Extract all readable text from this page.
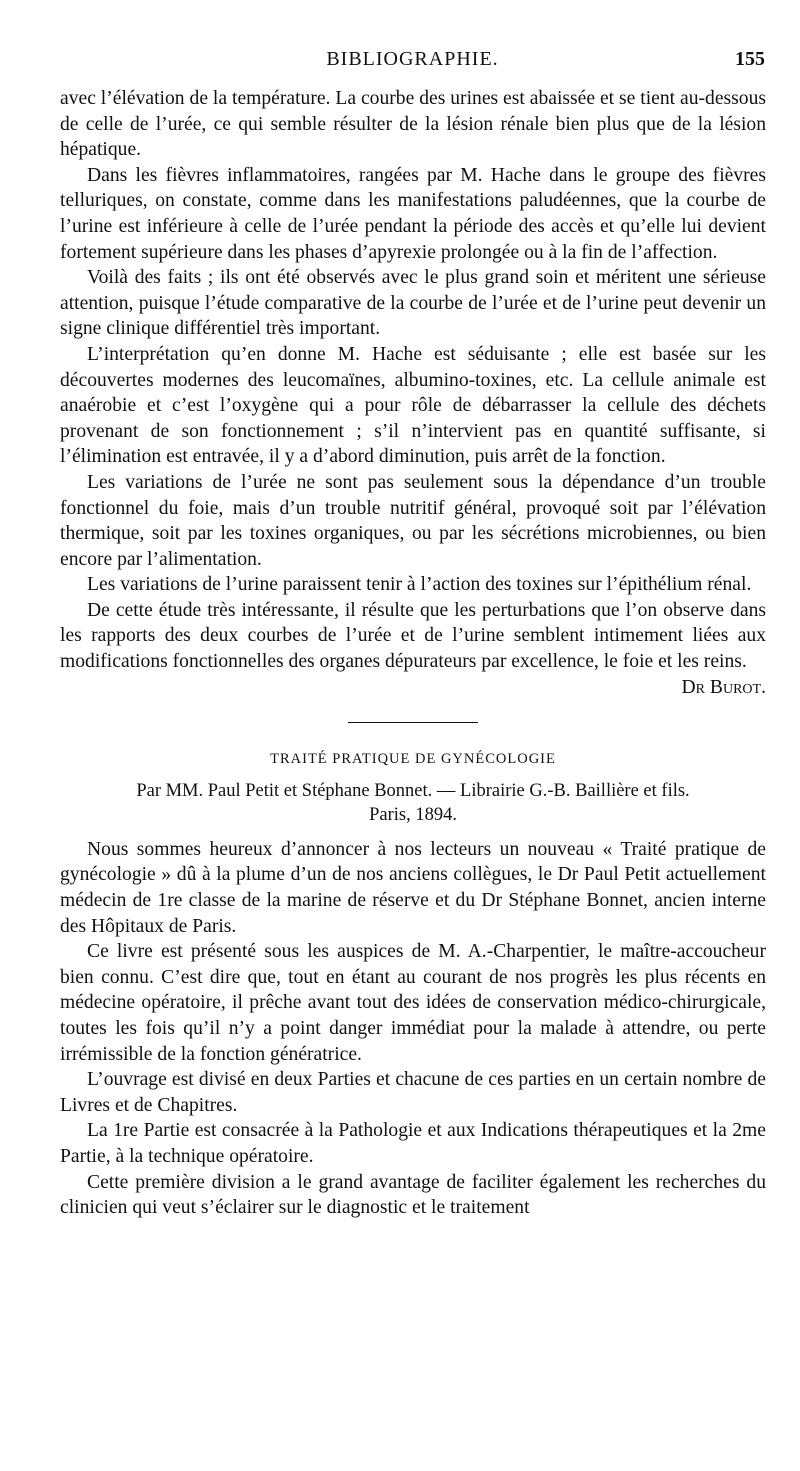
BIBLIOGRAPHIE.	155

avec l’élévation de la température. La courbe des urines est abaissée et se tient au-dessous de celle de l’urée, ce qui semble résulter de la lésion rénale bien plus que de la lésion hépatique.

Dans les fièvres inflammatoires, rangées par M. Hache dans le groupe des fièvres telluriques, on constate, comme dans les manifestations paludéennes, que la courbe de l’urine est inférieure à celle de l’urée pendant la période des accès et qu’elle lui devient fortement supérieure dans les phases d’apyrexie prolongée ou à la fin de l’affection.

Voilà des faits ; ils ont été observés avec le plus grand soin et méritent une sérieuse attention, puisque l’étude comparative de la courbe de l’urée et de l’urine peut devenir un signe clinique différentiel très important.

L’interprétation qu’en donne M. Hache est séduisante ; elle est basée sur les découvertes modernes des leucomaïnes, albumino-toxines, etc. La cellule animale est anaérobie et c’est l’oxygène qui a pour rôle de débarrasser la cellule des déchets provenant de son fonctionnement ; s’il n’intervient pas en quantité suffisante, si l’élimination est entravée, il y a d’abord diminution, puis arrêt de la fonction.

Les variations de l’urée ne sont pas seulement sous la dépendance d’un trouble fonctionnel du foie, mais d’un trouble nutritif général, provoqué soit par l’élévation thermique, soit par les toxines organiques, ou par les sécrétions microbiennes, ou bien encore par l’alimentation.

Les variations de l’urine paraissent tenir à l’action des toxines sur l’épithélium rénal.

De cette étude très intéressante, il résulte que les perturbations que l’on observe dans les rapports des deux courbes de l’urée et de l’urine semblent intimement liées aux modifications fonctionnelles des organes dépurateurs par excellence, le foie et les reins.

Dr Burot.

TRAITÉ PRATIQUE DE GYNÉCOLOGIE

Par MM. Paul Petit et Stéphane Bonnet. — Librairie G.-B. Baillière et fils.

Paris, 1894.

Nous sommes heureux d’annoncer à nos lecteurs un nouveau « Traité pratique de gynécologie » dû à la plume d’un de nos anciens collègues, le Dr Paul Petit actuellement médecin de 1re classe de la marine de réserve et du Dr Stéphane Bonnet, ancien interne des Hôpitaux de Paris.

Ce livre est présenté sous les auspices de M. A.-Charpentier, le maître-accoucheur bien connu. C’est dire que, tout en étant au courant de nos progrès les plus récents en médecine opératoire, il prêche avant tout des idées de conservation médico-chirurgicale, toutes les fois qu’il n’y a point danger immédiat pour la malade à attendre, ou perte irrémissible de la fonction génératrice.

L’ouvrage est divisé en deux Parties et chacune de ces parties en un certain nombre de Livres et de Chapitres.

La 1re Partie est consacrée à la Pathologie et aux Indications thérapeutiques et la 2me Partie, à la technique opératoire.

Cette première division a le grand avantage de faciliter également les recherches du clinicien qui veut s’éclairer sur le diagnostic et le traitement
